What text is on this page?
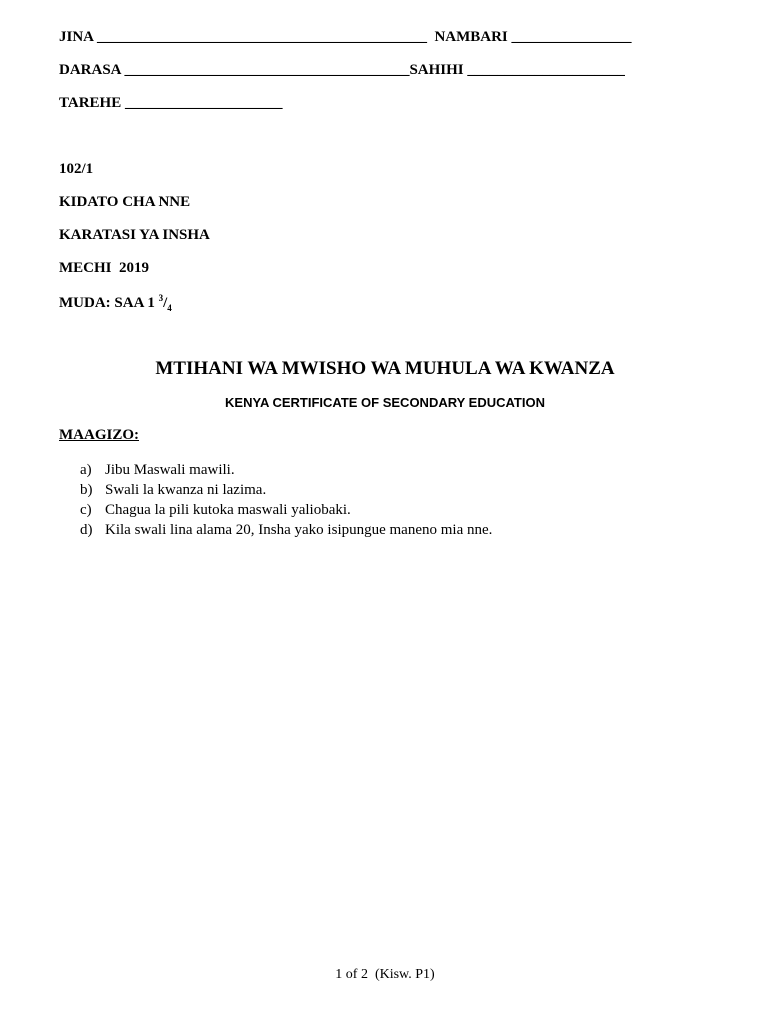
JINA ____________________________________________ NAMBARI ________________
DARASA ______________________________________SAHIHI _____________________
TAREHE _____________________
102/1
KIDATO CHA NNE
KARATASI YA INSHA
MECHI  2019
MUDA: SAA 1 $^3/_4$
MTIHANI WA MWISHO WA MUHULA WA KWANZA
KENYA CERTIFICATE OF SECONDARY EDUCATION
MAAGIZO:
a) Jibu Maswali mawili.
b) Swali la kwanza ni lazima.
c) Chagua la pili kutoka maswali yaliobaki.
d) Kila swali lina alama 20, Insha yako isipungue maneno mia nne.
1 of 2  (Kisw. P1)
